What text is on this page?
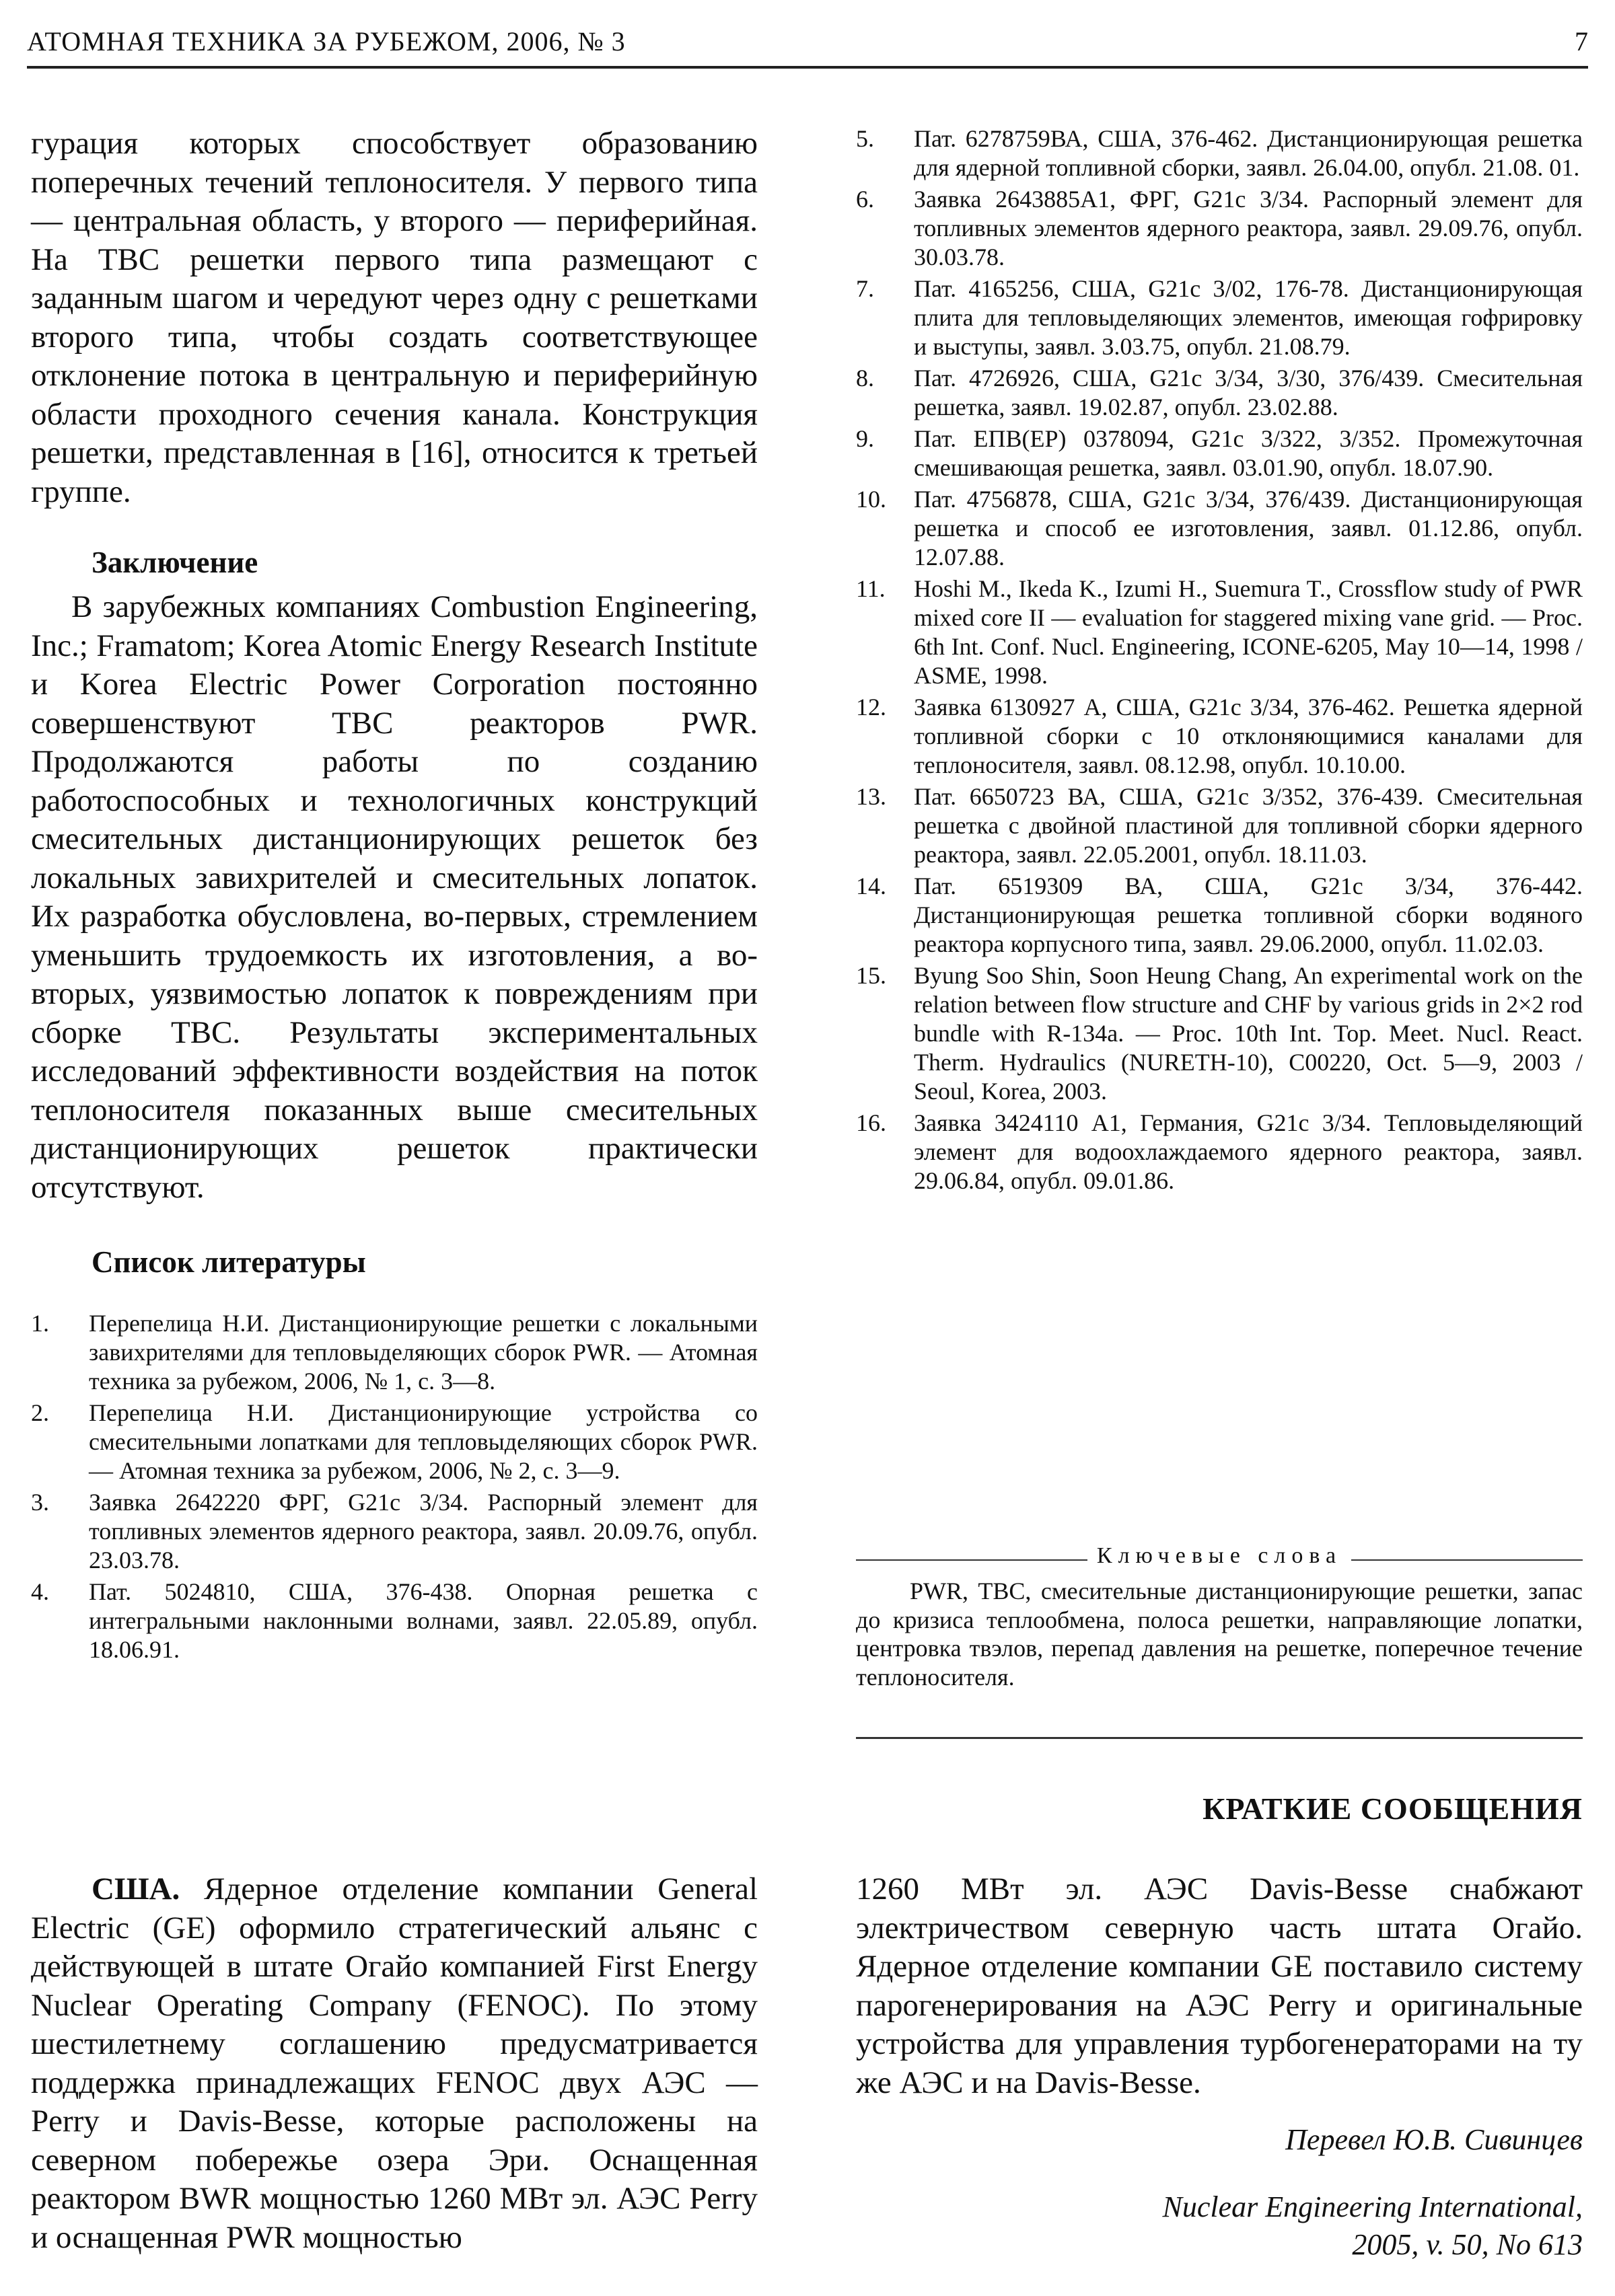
АТОМНАЯ ТЕХНИКА ЗА РУБЕЖОМ, 2006, № 3	7

гурация которых способствует образованию поперечных течений теплоносителя. У первого типа — центральная область, у второго — периферийная. На ТВС решетки первого типа размещают с заданным шагом и чередуют через одну с решетками второго типа, чтобы создать соответствующее отклонение потока в центральную и периферийную области проходного сечения канала. Конструкция решетки, представленная в [16], относится к третьей группе.

Заключение

В зарубежных компаниях Combustion Engineering, Inc.; Framatom; Korea Atomic Energy Research Institute и Korea Electric Power Corporation постоянно совершенствуют ТВС реакторов PWR. Продолжаются работы по созданию работоспособных и технологичных конструкций смесительных дистанционирующих решеток без локальных завихрителей и смесительных лопаток. Их разработка обусловлена, во-первых, стремлением уменьшить трудоемкость их изготовления, а во-вторых, уязвимостью лопаток к повреждениям при сборке ТВС. Результаты экспериментальных исследований эффективности воздействия на поток теплоносителя показанных выше смесительных дистанционирующих решеток практически отсутствуют.

Список литературы
1. Перепелица Н.И. Дистанционирующие решетки с локальными завихрителями для тепловыделяющих сборок PWR. — Атомная техника за рубежом, 2006, № 1, с. 3—8.
2. Перепелица Н.И. Дистанционирующие устройства со смесительными лопатками для тепловыделяющих сборок PWR. — Атомная техника за рубежом, 2006, № 2, с. 3—9.
3. Заявка 2642220 ФРГ, G21c 3/34. Распорный элемент для топливных элементов ядерного реактора, заявл. 20.09.76, опубл. 23.03.78.
4. Пат. 5024810, США, 376-438. Опорная решетка с интегральными наклонными волнами, заявл. 22.05.89, опубл. 18.06.91.
5. Пат. 6278759ВА, США, 376-462. Дистанционирующая решетка для ядерной топливной сборки, заявл. 26.04.00, опубл. 21.08. 01.
6. Заявка 2643885А1, ФРГ, G21c 3/34. Распорный элемент для топливных элементов ядерного реактора, заявл. 29.09.76, опубл. 30.03.78.
7. Пат. 4165256, США, G21c 3/02, 176-78. Дистанционирующая плита для тепловыделяющих элементов, имеющая гофрировку и выступы, заявл. 3.03.75, опубл. 21.08.79.
8. Пат. 4726926, США, G21c 3/34, 3/30, 376/439. Смесительная решетка, заявл. 19.02.87, опубл. 23.02.88.
9. Пат. ЕПВ(ЕР) 0378094, G21c 3/322, 3/352. Промежуточная смешивающая решетка, заявл. 03.01.90, опубл. 18.07.90.
10. Пат. 4756878, США, G21c 3/34, 376/439. Дистанционирующая решетка и способ ее изготовления, заявл. 01.12.86, опубл. 12.07.88.
11. Hoshi M., Ikeda K., Izumi H., Suemura T., Crossflow study of PWR mixed core II — evaluation for staggered mixing vane grid. — Proc. 6th Int. Conf. Nucl. Engineering, ICONE-6205, May 10—14, 1998 / ASME, 1998.
12. Заявка 6130927 А, США, G21c 3/34, 376-462. Решетка ядерной топливной сборки с 10 отклоняющимися каналами для теплоносителя, заявл. 08.12.98, опубл. 10.10.00.
13. Пат. 6650723 ВА, США, G21c 3/352, 376-439. Смесительная решетка с двойной пластиной для топливной сборки ядерного реактора, заявл. 22.05.2001, опубл. 18.11.03.
14. Пат. 6519309 ВА, США, G21c 3/34, 376-442. Дистанционирующая решетка топливной сборки водяного реактора корпусного типа, заявл. 29.06.2000, опубл. 11.02.03.
15. Byung Soo Shin, Soon Heung Chang, An experimental work on the relation between flow structure and CHF by various grids in 2×2 rod bundle with R-134a. — Proc. 10th Int. Top. Meet. Nucl. React. Therm. Hydraulics (NURETH-10), C00220, Oct. 5—9, 2003 / Seoul, Korea, 2003.
16. Заявка 3424110 А1, Германия, G21c 3/34. Тепловыделяющий элемент для водоохлаждаемого ядерного реактора, заявл. 29.06.84, опубл. 09.01.86.
Ключевые слова
PWR, ТВС, смесительные дистанционирующие решетки, запас до кризиса теплообмена, полоса решетки, направляющие лопатки, центровка твэлов, перепад давления на решетке, поперечное течение теплоносителя.
КРАТКИЕ СООБЩЕНИЯ

США. Ядерное отделение компании General Electric (GE) оформило стратегический альянс с действующей в штате Огайо компанией First Energy Nuclear Operating Company (FENOC). По этому шестилетнему соглашению предусматривается поддержка принадлежащих FENOC двух АЭС — Perry и Davis-Besse, которые расположены на северном побережье озера Эри. Оснащенная реактором BWR мощностью 1260 МВт эл. АЭС Perry и оснащенная PWR мощностью

1260 МВт эл. АЭС Davis-Besse снабжают электричеством северную часть штата Огайо. Ядерное отделение компании GE поставило систему парогенерирования на АЭС Perry и оригинальные устройства для управления турбогенераторами на ту же АЭС и на Davis-Besse.

Перевел Ю.В. Сивинцев
Nuclear Engineering International,
2005, v. 50, No 613
